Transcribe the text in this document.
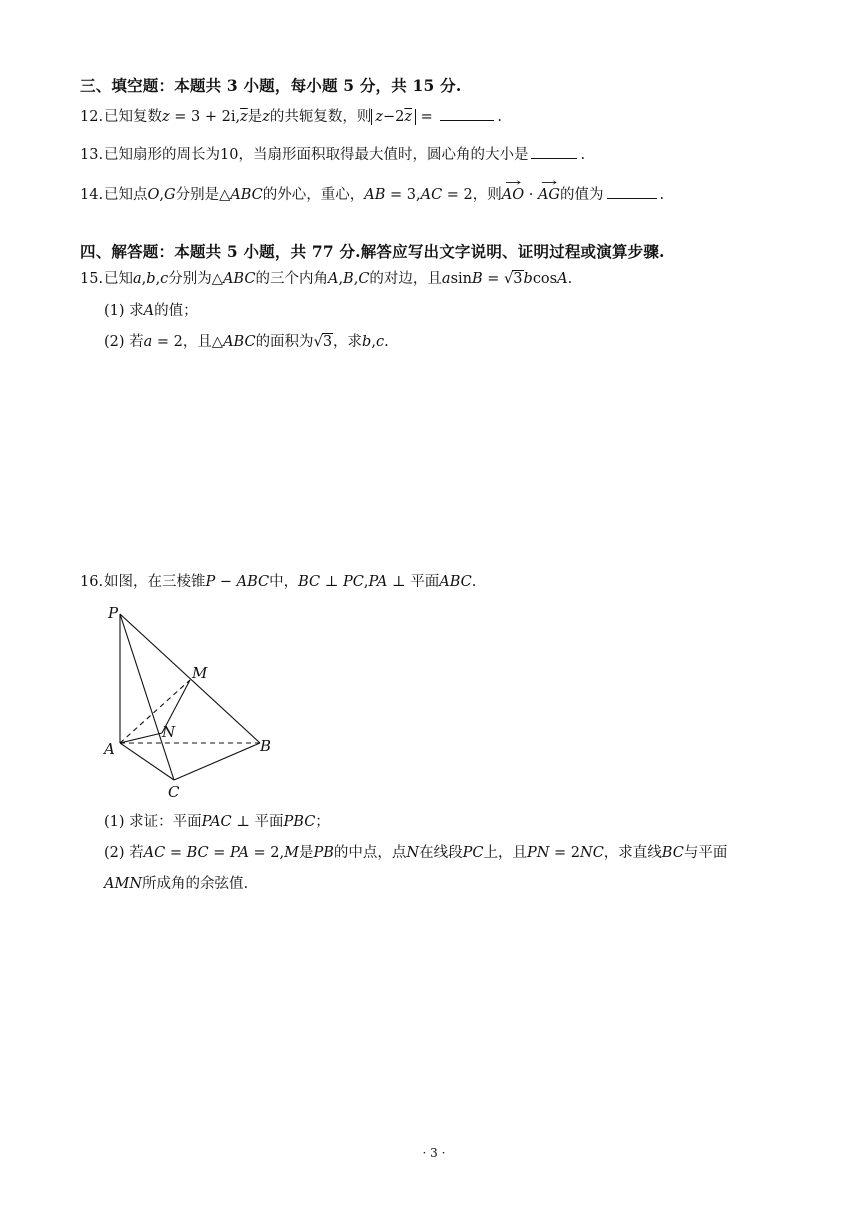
三、填空题：本题共 3 小题，每小题 5 分，共 15 分.
12.已知复数$z = 3 + 2i,\overline{z}$是z的共轭复数，则 $z-2\overline{z}$ =	.
13.已知扇形的周长为10，当扇形面积取得最大值时，圆心角的大小是	.
14.已知点O,G分别是△ABC的外心，重心，AB = 3,AC = 2，则→ AO · → AG的值为	.
四、解答题：本题共 5 小题，共 77 分.解答应写出文字说明、证明过程或演算步骤.
15.已知a,b,c分别为△ABC的三个内角A,B,C的对边，且asinB = √3bcosA.
(1) 求A的值；
(2) 若a = 2，且△ABC的面积为√3，求b,c.
16.如图，在三棱锥P − ABC中，BC ⊥ PC,PA ⊥ 平面ABC.
P
M
N
A	B
C
(1) 求证：平面PAC ⊥ 平面PBC；
(2) 若AC = BC = PA = 2,M是PB的中点，点N在线段PC上，且PN = 2NC，求直线BC与平面
AMN所成角的余弦值.
· 3 ·
